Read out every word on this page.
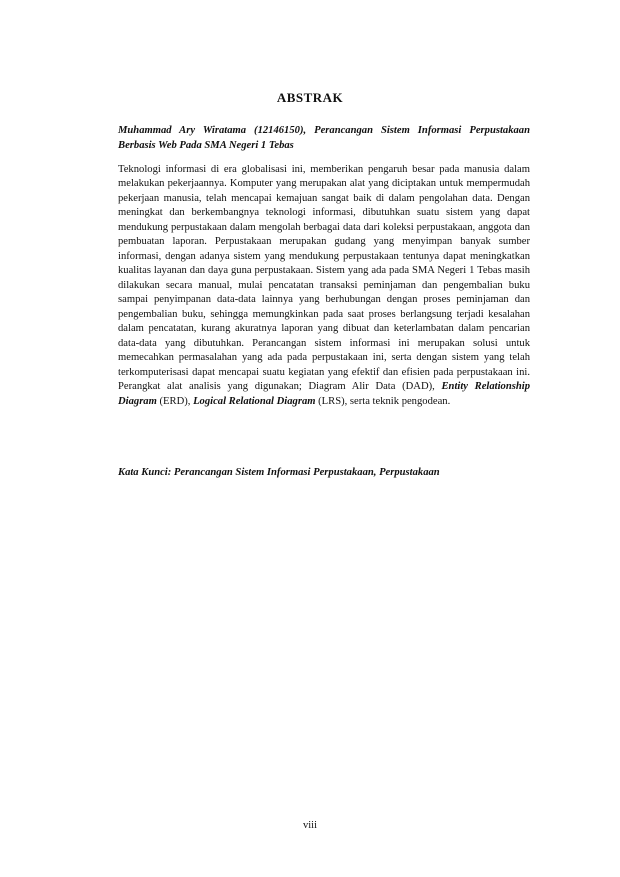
ABSTRAK
Muhammad Ary Wiratama (12146150), Perancangan Sistem Informasi Perpustakaan Berbasis Web Pada SMA Negeri 1 Tebas

Teknologi informasi di era globalisasi ini, memberikan pengaruh besar pada manusia dalam melakukan pekerjaannya. Komputer yang merupakan alat yang diciptakan untuk mempermudah pekerjaan manusia, telah mencapai kemajuan sangat baik di dalam pengolahan data. Dengan meningkat dan berkembangnya teknologi informasi, dibutuhkan suatu sistem yang dapat mendukung perpustakaan dalam mengolah berbagai data dari koleksi perpustakaan, anggota dan pembuatan laporan. Perpustakaan merupakan gudang yang menyimpan banyak sumber informasi, dengan adanya sistem yang mendukung perpustakaan tentunya dapat meningkatkan kualitas layanan dan daya guna perpustakaan. Sistem yang ada pada SMA Negeri 1 Tebas masih dilakukan secara manual, mulai pencatatan transaksi peminjaman dan pengembalian buku sampai penyimpanan data-data lainnya yang berhubungan dengan proses peminjaman dan pengembalian buku, sehingga memungkinkan pada saat proses berlangsung terjadi kesalahan dalam pencatatan, kurang akuratnya laporan yang dibuat dan keterlambatan dalam pencarian data-data yang dibutuhkan. Perancangan sistem informasi ini merupakan solusi untuk memecahkan permasalahan yang ada pada perpustakaan ini, serta dengan sistem yang telah terkomputerisasi dapat mencapai suatu kegiatan yang efektif dan efisien pada perpustakaan ini. Perangkat alat analisis yang digunakan; Diagram Alir Data (DAD), Entity Relationship Diagram (ERD), Logical Relational Diagram (LRS), serta teknik pengodean.

Kata Kunci: Perancangan Sistem Informasi Perpustakaan, Perpustakaan
viii
